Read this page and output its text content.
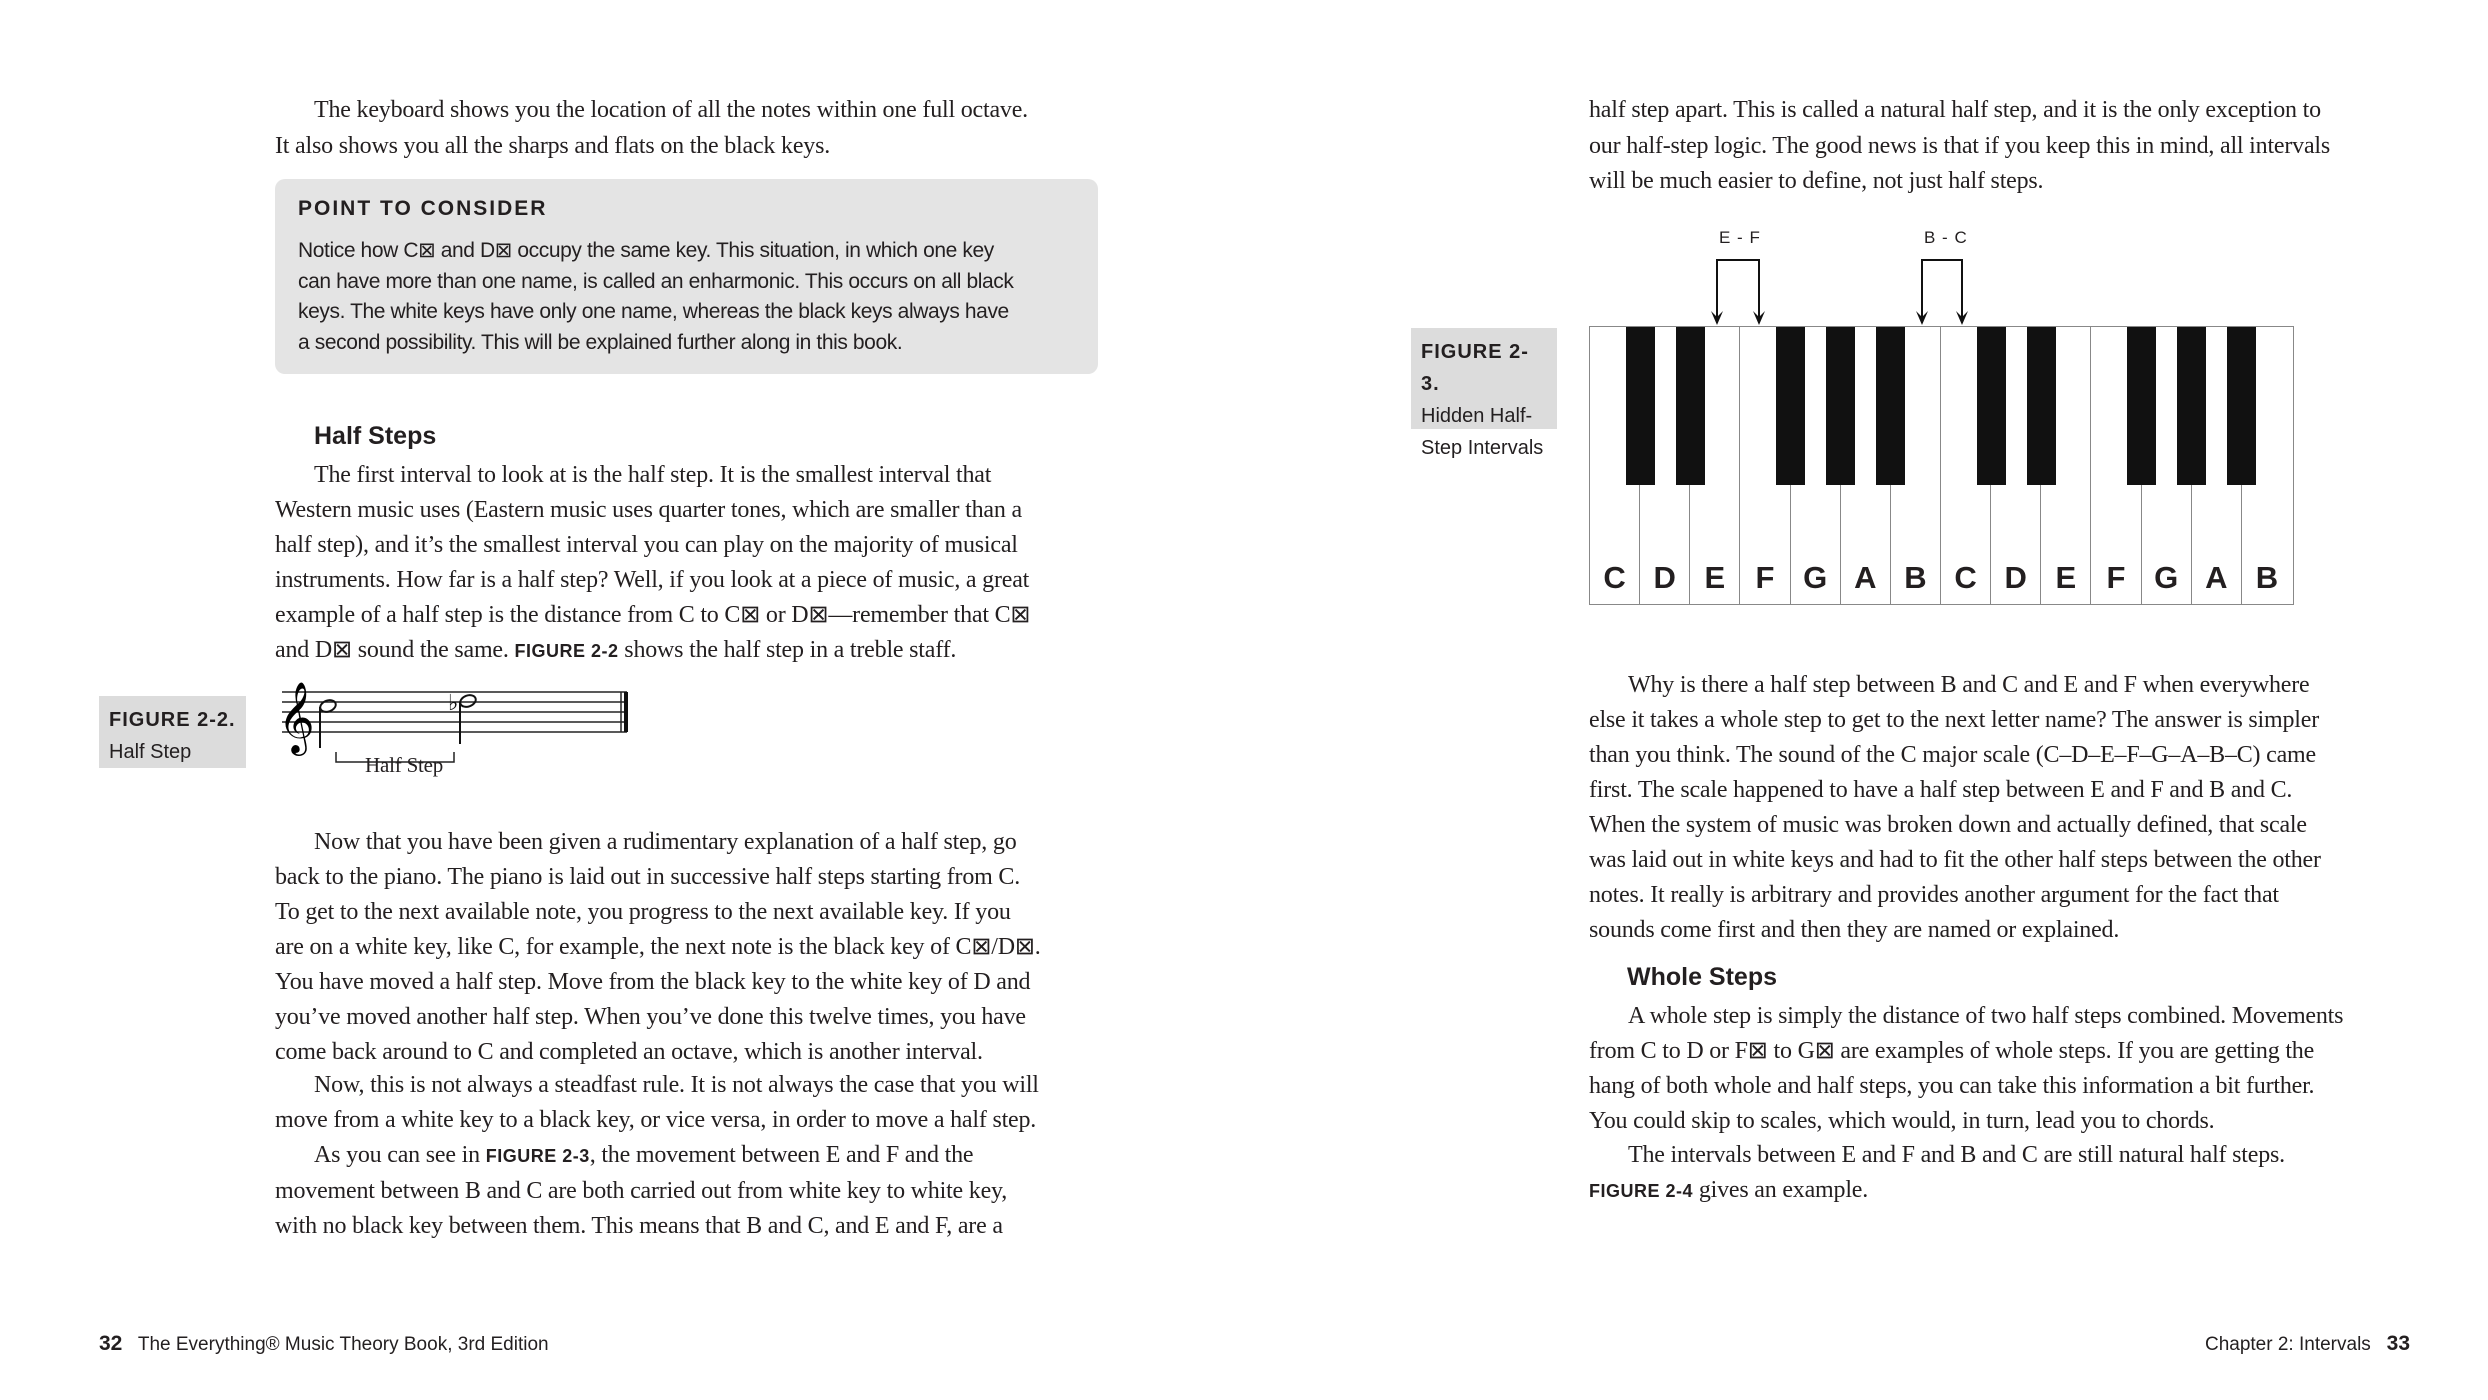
The keyboard shows you the location of all the notes within one full octave.
It also shows you all the sharps and flats on the black keys.
POINT TO CONSIDER
Notice how C⊠ and D⊠ occupy the same key. This situation, in which one key
can have more than one name, is called an enharmonic. This occurs on all black
keys. The white keys have only one name, whereas the black keys always have
a second possibility. This will be explained further along in this book.
Half Steps
The first interval to look at is the half step. It is the smallest interval that
Western music uses (Eastern music uses quarter tones, which are smaller than a
half step), and it’s the smallest interval you can play on the majority of musical
instruments. How far is a half step? Well, if you look at a piece of music, a great
example of a half step is the distance from C to C⊠ or D⊠—remember that C⊠
and D⊠ sound the same. FIGURE 2-2 shows the half step in a treble staff.
FIGURE 2-2.
Half Step	𝄞	♭
Half Step
Now that you have been given a rudimentary explanation of a half step, go
back to the piano. The piano is laid out in successive half steps starting from C.
To get to the next available note, you progress to the next available key. If you
are on a white key, like C, for example, the next note is the black key of C⊠/D⊠.
You have moved a half step. Move from the black key to the white key of D and
you’ve moved another half step. When you’ve done this twelve times, you have
come back around to C and completed an octave, which is another interval.
Now, this is not always a steadfast rule. It is not always the case that you will
move from a white key to a black key, or vice versa, in order to move a half step.
As you can see in FIGURE 2-3, the movement between E and F and the
movement between B and C are both carried out from white key to white key,
with no black key between them. This means that B and C, and E and F, are a
32 The Everything® Music Theory Book, 3rd Edition
half step apart. This is called a natural half step, and it is the only exception to
our half-step logic. The good news is that if you keep this in mind, all intervals
will be much easier to define, not just half steps.
FIGURE 2-3.
Hidden Half-
Step Intervals
E - F	B - C
C D E F G A B C D E F G A B
Why is there a half step between B and C and E and F when everywhere
else it takes a whole step to get to the next letter name? The answer is simpler
than you think. The sound of the C major scale (C–D–E–F–G–A–B–C) came
first. The scale happened to have a half step between E and F and B and C.
When the system of music was broken down and actually defined, that scale
was laid out in white keys and had to fit the other half steps between the other
notes. It really is arbitrary and provides another argument for the fact that
sounds come first and then they are named or explained.
Whole Steps
A whole step is simply the distance of two half steps combined. Movements
from C to D or F⊠ to G⊠ are examples of whole steps. If you are getting the
hang of both whole and half steps, you can take this information a bit further.
You could skip to scales, which would, in turn, lead you to chords.
The intervals between E and F and B and C are still natural half steps.
FIGURE 2-4 gives an example.
Chapter 2: Intervals 33
